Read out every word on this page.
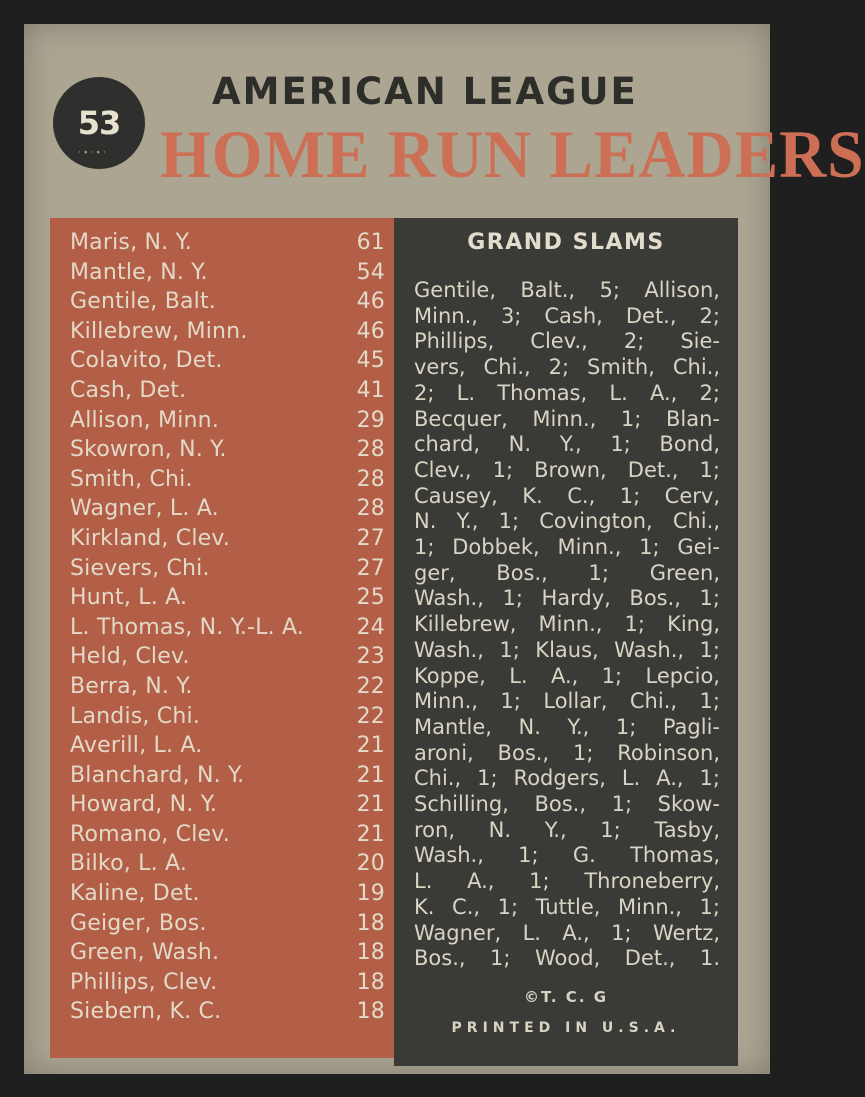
53
·∙·∙·
AMERICAN LEAGUE
HOME RUN LEADERS
Maris, N. Y.	61
Mantle, N. Y.	54
Gentile, Balt.	46
Killebrew, Minn.	46
Colavito, Det.	45
Cash, Det.	41
Allison, Minn.	29
Skowron, N. Y.	28
Smith, Chi.	28
Wagner, L. A.	28
Kirkland, Clev.	27
Sievers, Chi.	27
Hunt, L. A.	25
L. Thomas, N. Y.-L. A.	24
Held, Clev.	23
Berra, N. Y.	22
Landis, Chi.	22
Averill, L. A.	21
Blanchard, N. Y.	21
Howard, N. Y.	21
Romano, Clev.	21
Bilko, L. A.	20
Kaline, Det.	19
Geiger, Bos.	18
Green, Wash.	18
Phillips, Clev.	18
Siebern, K. C.	18
GRAND SLAMS
Gentile, Balt., 5; Allison,
Minn., 3; Cash, Det., 2;
Phillips, Clev., 2; Sie-
vers, Chi., 2; Smith, Chi.,
2; L. Thomas, L. A., 2;
Becquer, Minn., 1; Blan-
chard, N. Y., 1; Bond,
Clev., 1; Brown, Det., 1;
Causey, K. C., 1; Cerv,
N. Y., 1; Covington, Chi.,
1; Dobbek, Minn., 1; Gei-
ger, Bos., 1; Green,
Wash., 1; Hardy, Bos., 1;
Killebrew, Minn., 1; King,
Wash., 1; Klaus, Wash., 1;
Koppe, L. A., 1; Lepcio,
Minn., 1; Lollar, Chi., 1;
Mantle, N. Y., 1; Pagli-
aroni, Bos., 1; Robinson,
Chi., 1; Rodgers, L. A., 1;
Schilling, Bos., 1; Skow-
ron, N. Y., 1; Tasby,
Wash., 1; G. Thomas,
L. A., 1; Throneberry,
K. C., 1; Tuttle, Minn., 1;
Wagner, L. A., 1; Wertz,
Bos., 1; Wood, Det., 1.
©T. C. G
PRINTED IN U.S.A.
